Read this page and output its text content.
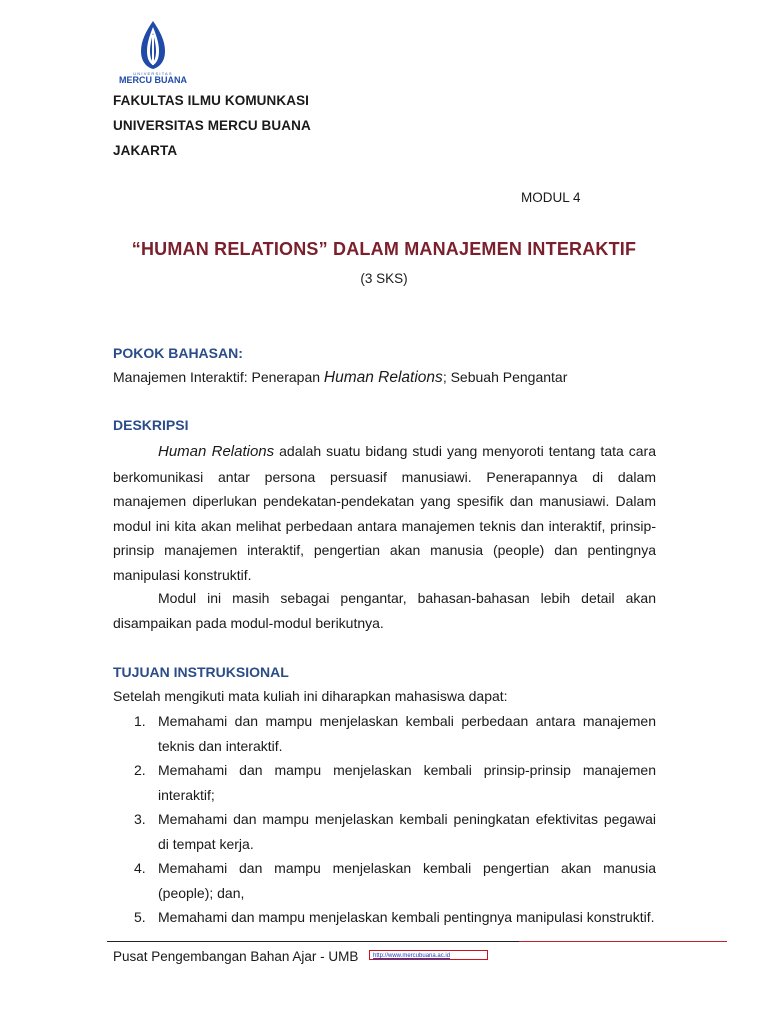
UNIVERSITAS
MERCU BUANA
FAKULTAS ILMU KOMUNKASI
UNIVERSITAS MERCU BUANA
JAKARTA
MODUL 4
“HUMAN RELATIONS” DALAM MANAJEMEN INTERAKTIF
(3 SKS)
POKOK BAHASAN:
Manajemen Interaktif: Penerapan Human Relations; Sebuah Pengantar
DESKRIPSI
Human Relations adalah suatu bidang studi yang menyoroti tentang tata cara berkomunikasi antar persona persuasif manusiawi. Penerapannya di dalam manajemen diperlukan pendekatan-pendekatan yang spesifik dan manusiawi. Dalam modul ini kita akan melihat perbedaan antara manajemen teknis dan interaktif, prinsip-prinsip manajemen interaktif, pengertian akan manusia (people) dan pentingnya manipulasi konstruktif.
Modul ini masih sebagai pengantar, bahasan-bahasan lebih detail akan disampaikan pada modul-modul berikutnya.
TUJUAN INSTRUKSIONAL
Setelah mengikuti mata kuliah ini diharapkan mahasiswa dapat:
1. Memahami dan mampu menjelaskan kembali perbedaan antara manajemen teknis dan interaktif.
2. Memahami dan mampu menjelaskan kembali prinsip-prinsip manajemen interaktif;
3. Memahami dan mampu menjelaskan kembali peningkatan efektivitas pegawai di tempat kerja.
4. Memahami dan mampu menjelaskan kembali pengertian akan manusia (people); dan,
5. Memahami dan mampu menjelaskan kembali pentingnya manipulasi konstruktif.
Pusat Pengembangan Bahan Ajar - UMB	http://www.mercubuana.ac.id
